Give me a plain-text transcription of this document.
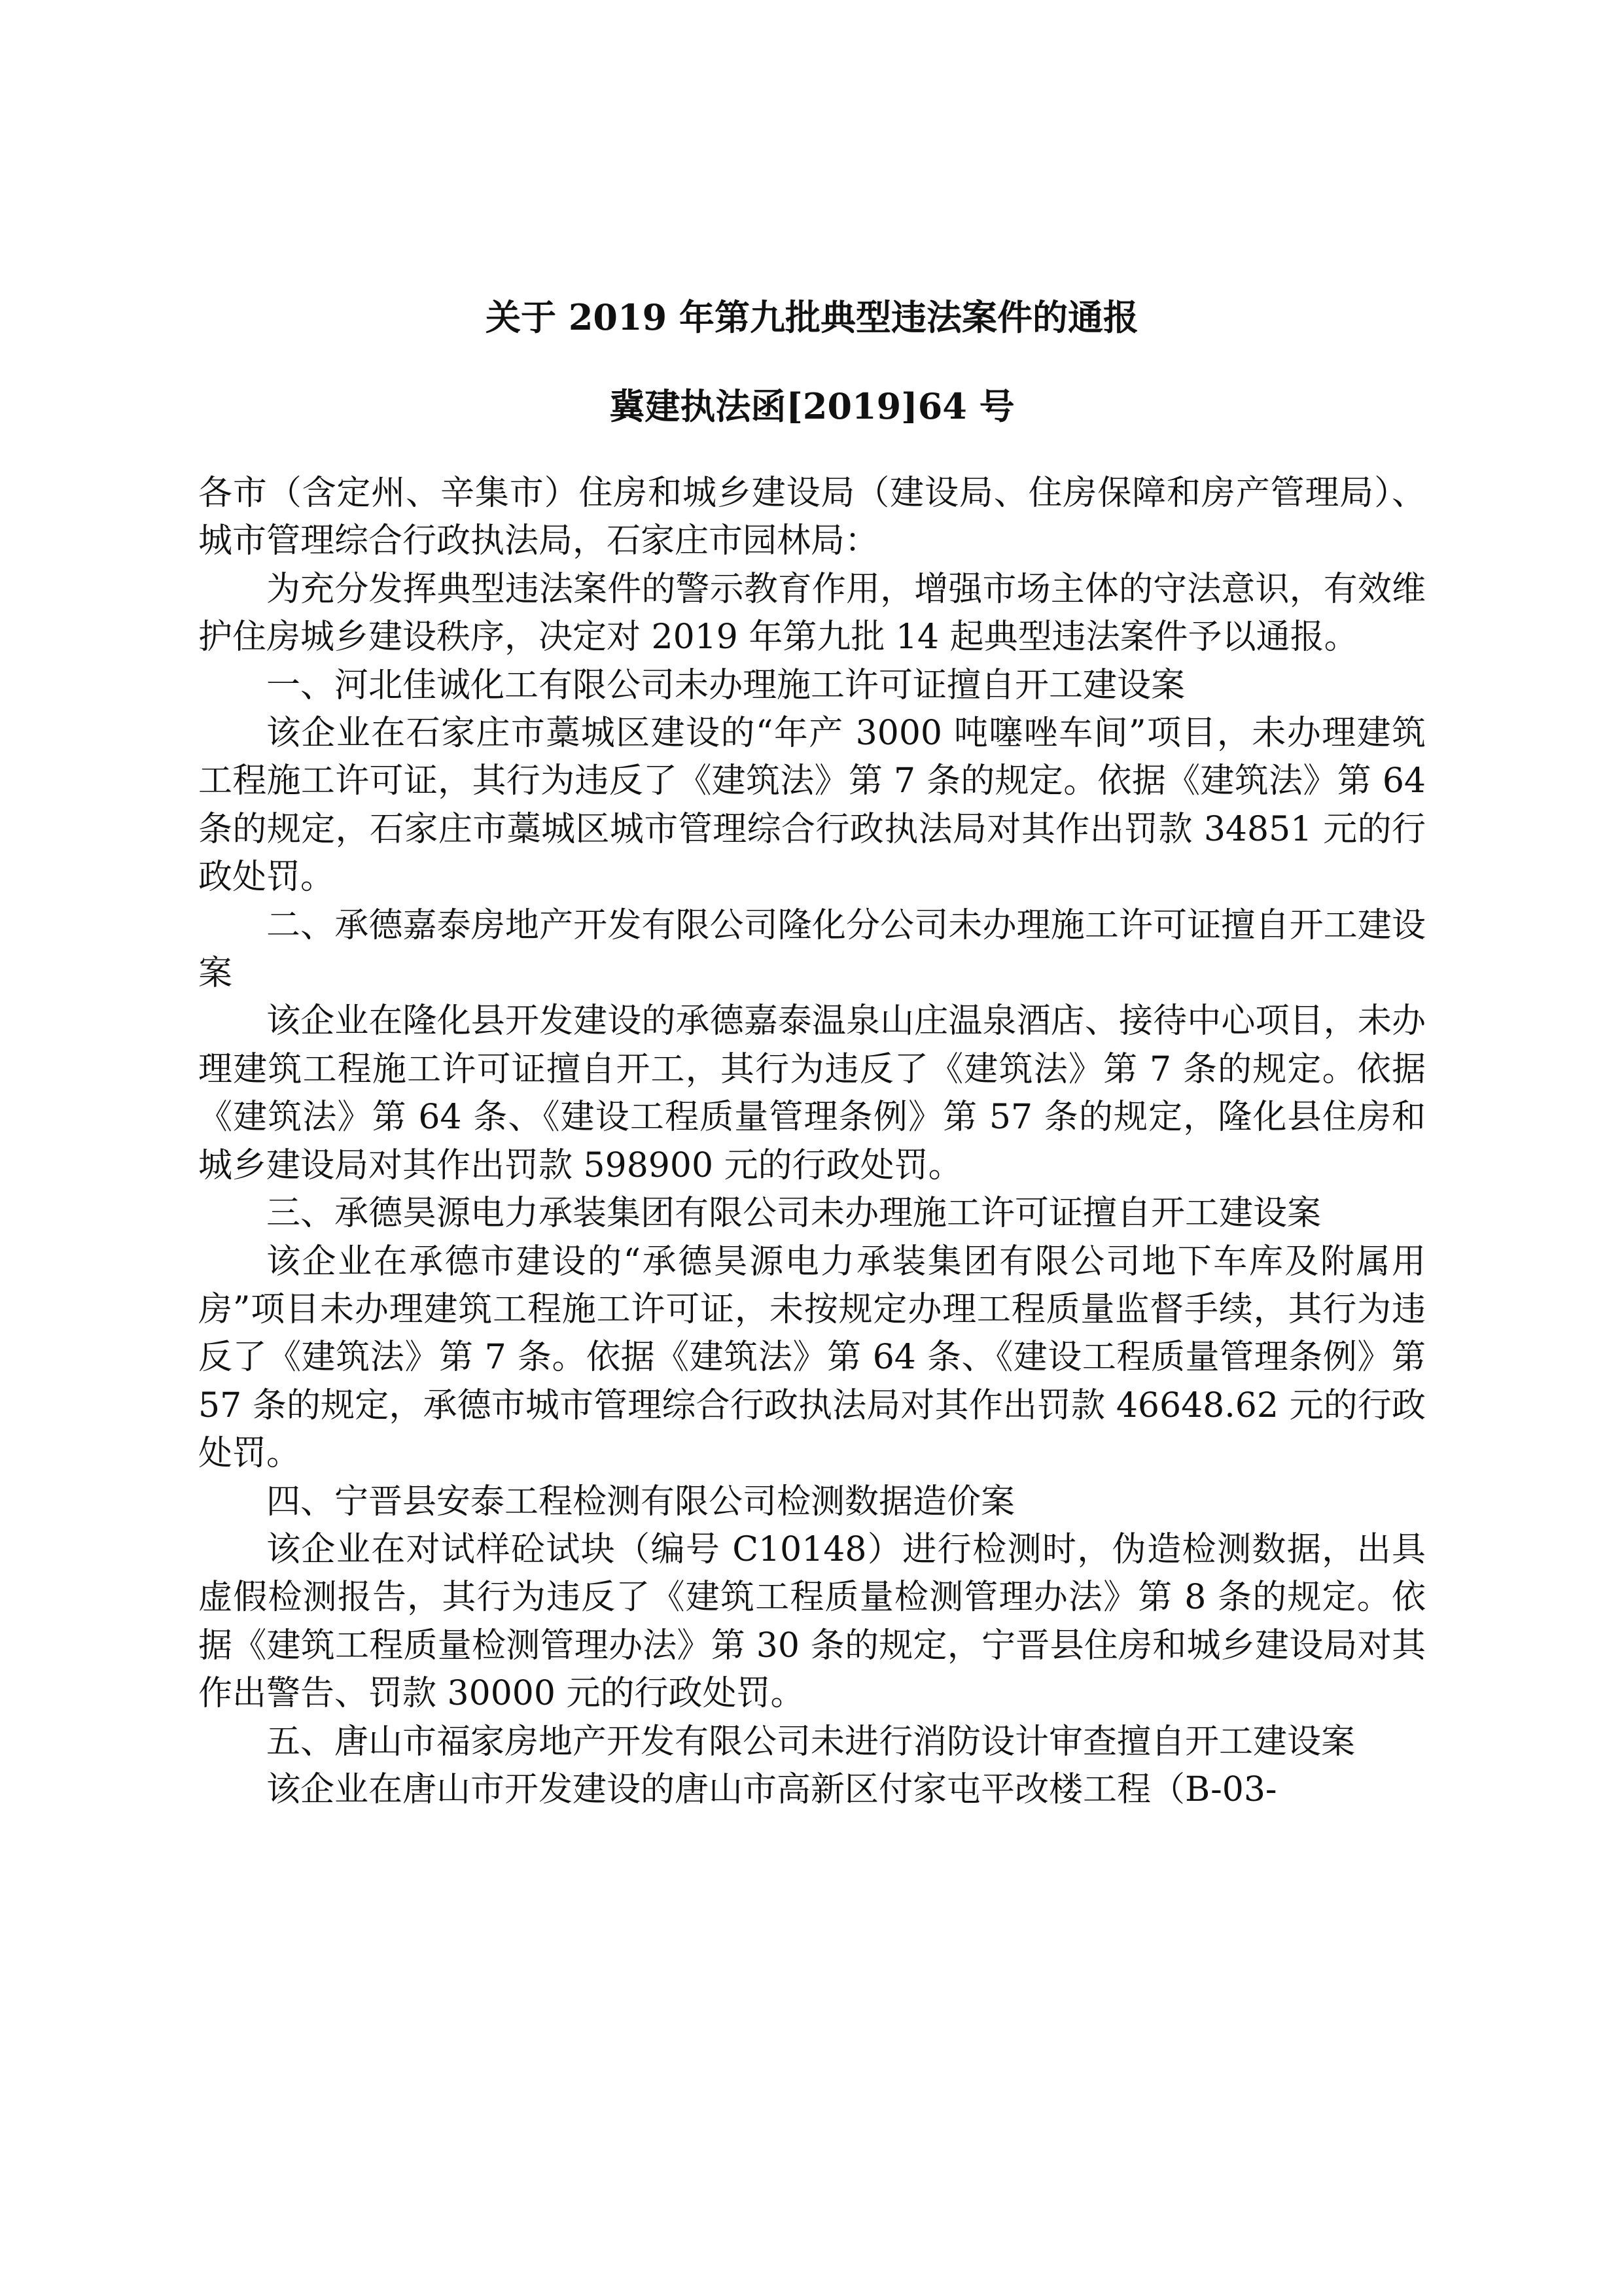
关于 2019 年第九批典型违法案件的通报
冀建执法函[2019]64 号

各市（含定州、辛集市）住房和城乡建设局（建设局、住房保障和房产管理局）、城市管理综合行政执法局，石家庄市园林局：

为充分发挥典型违法案件的警示教育作用，增强市场主体的守法意识，有效维护住房城乡建设秩序，决定对 2019 年第九批 14 起典型违法案件予以通报。

一、河北佳诚化工有限公司未办理施工许可证擅自开工建设案

该企业在石家庄市藁城区建设的“年产 3000 吨噻唑车间”项目，未办理建筑工程施工许可证，其行为违反了《建筑法》第 7 条的规定。依据《建筑法》第 64 条的规定，石家庄市藁城区城市管理综合行政执法局对其作出罚款 34851 元的行政处罚。

二、承德嘉泰房地产开发有限公司隆化分公司未办理施工许可证擅自开工建设案

该企业在隆化县开发建设的承德嘉泰温泉山庄温泉酒店、接待中心项目，未办理建筑工程施工许可证擅自开工，其行为违反了《建筑法》第 7 条的规定。依据《建筑法》第 64 条、《建设工程质量管理条例》第 57 条的规定，隆化县住房和城乡建设局对其作出罚款 598900 元的行政处罚。

三、承德昊源电力承装集团有限公司未办理施工许可证擅自开工建设案

该企业在承德市建设的“承德昊源电力承装集团有限公司地下车库及附属用房”项目未办理建筑工程施工许可证，未按规定办理工程质量监督手续，其行为违反了《建筑法》第 7 条。依据《建筑法》第 64 条、《建设工程质量管理条例》第 57 条的规定，承德市城市管理综合行政执法局对其作出罚款 46648.62 元的行政处罚。

四、宁晋县安泰工程检测有限公司检测数据造价案

该企业在对试样砼试块（编号 C10148）进行检测时，伪造检测数据，出具虚假检测报告，其行为违反了《建筑工程质量检测管理办法》第 8 条的规定。依据《建筑工程质量检测管理办法》第 30 条的规定，宁晋县住房和城乡建设局对其作出警告、罚款 30000 元的行政处罚。

五、唐山市福家房地产开发有限公司未进行消防设计审查擅自开工建设案

该企业在唐山市开发建设的唐山市高新区付家屯平改楼工程（B-03-
